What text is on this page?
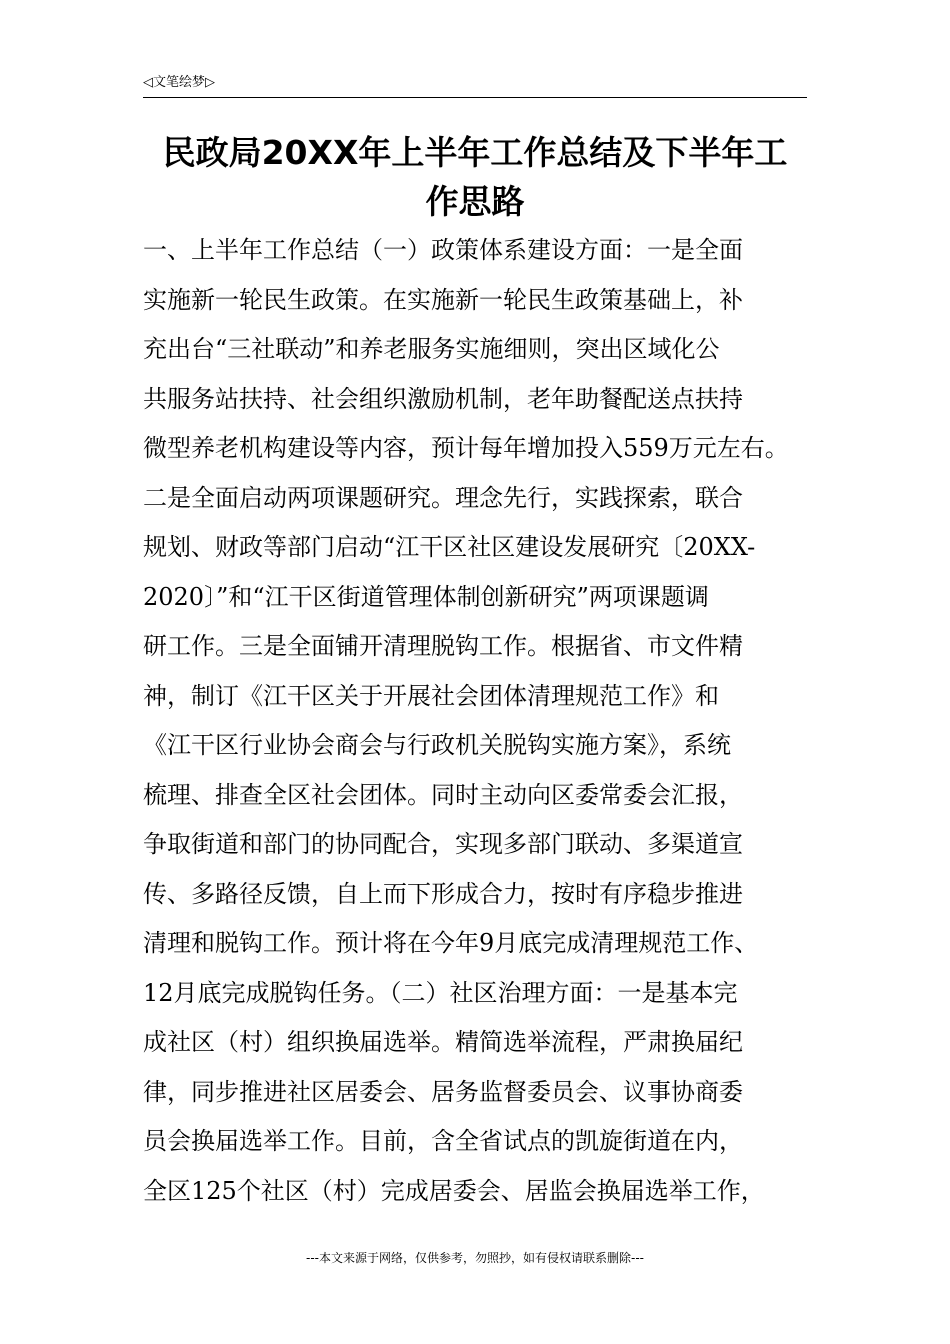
◁文笔绘梦▷
民政局20XX年上半年工作总结及下半年工
作思路
一、上半年工作总结（一）政策体系建设方面：一是全面
实施新一轮民生政策。在实施新一轮民生政策基础上，补
充出台“三社联动”和养老服务实施细则，突出区域化公
共服务站扶持、社会组织激励机制，老年助餐配送点扶持
微型养老机构建设等内容，预计每年增加投入559万元左右。
二是全面启动两项课题研究。理念先行，实践探索，联合
规划、财政等部门启动“江干区社区建设发展研究〔20XX-
2020〕”和“江干区街道管理体制创新研究”两项课题调
研工作。三是全面铺开清理脱钩工作。根据省、市文件精
神，制订《江干区关于开展社会团体清理规范工作》和
《江干区行业协会商会与行政机关脱钩实施方案》，系统
梳理、排查全区社会团体。同时主动向区委常委会汇报，
争取街道和部门的协同配合，实现多部门联动、多渠道宣
传、多路径反馈，自上而下形成合力，按时有序稳步推进
清理和脱钩工作。预计将在今年9月底完成清理规范工作、
12月底完成脱钩任务。（二）社区治理方面：一是基本完
成社区（村）组织换届选举。精简选举流程，严肃换届纪
律，同步推进社区居委会、居务监督委员会、议事协商委
员会换届选举工作。目前，含全省试点的凯旋街道在内，
全区125个社区（村）完成居委会、居监会换届选举工作，
---本文来源于网络，仅供参考，勿照抄，如有侵权请联系删除---
